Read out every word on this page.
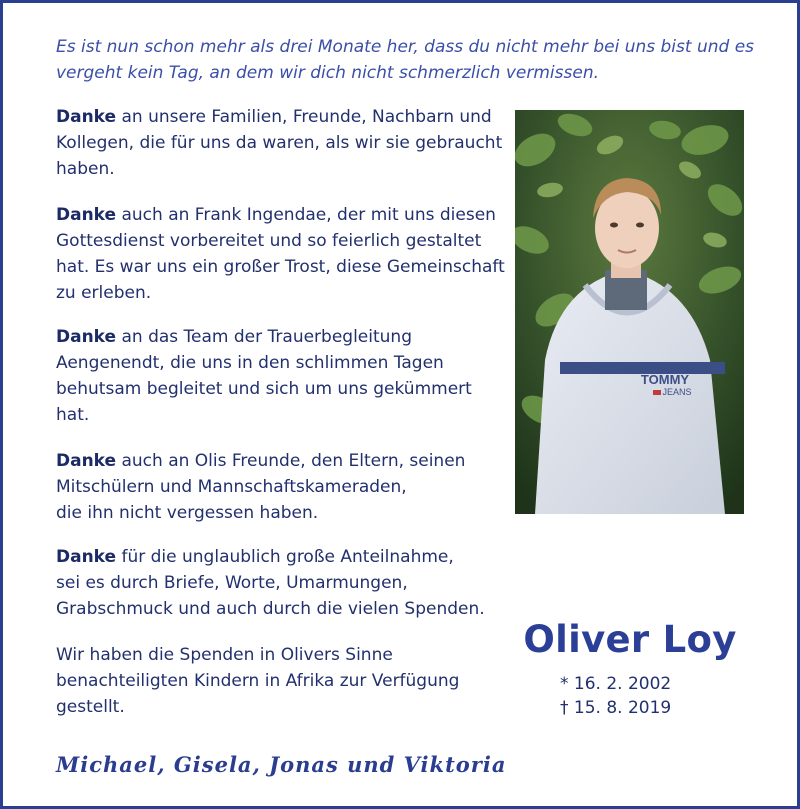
Es ist nun schon mehr als drei Monate her, dass du nicht mehr bei uns bist und es
vergeht kein Tag, an dem wir dich nicht schmerzlich vermissen.
Danke an unsere Familien, Freunde, Nachbarn und
Kollegen, die für uns da waren, als wir sie gebraucht
haben.
Danke auch an Frank Ingendae, der mit uns diesen
Gottesdienst vorbereitet und so feierlich gestaltet
hat. Es war uns ein großer Trost, diese Gemeinschaft
zu erleben.
Danke an das Team der Trauerbegleitung
Aengenendt, die uns in den schlimmen Tagen
behutsam begleitet und sich um uns gekümmert
hat.
Danke auch an Olis Freunde, den Eltern, seinen
Mitschülern und Mannschaftskameraden,
die ihn nicht vergessen haben.
Danke für die unglaublich große Anteilnahme,
sei es durch Briefe, Worte, Umarmungen,
Grabschmuck und auch durch die vielen Spenden.
Wir haben die Spenden in Olivers Sinne
benachteiligten Kindern in Afrika zur Verfügung
gestellt.
TOMMY
JEANS
Oliver Loy
* 16. 2. 2002
† 15. 8. 2019
Michael, Gisela, Jonas und Viktoria
